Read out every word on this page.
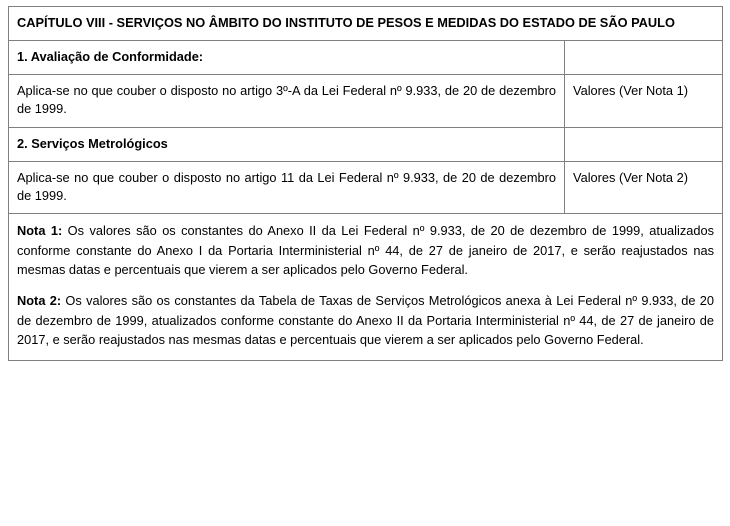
CAPÍTULO VIII - SERVIÇOS NO ÂMBITO DO INSTITUTO DE PESOS E MEDIDAS DO ESTADO DE SÃO PAULO	
1. Avaliação de Conformidade:	
Aplica-se no que couber o disposto no artigo 3º-A da Lei Federal nº 9.933, de 20 de dezembro de 1999.	Valores (Ver Nota 1)
2. Serviços Metrológicos	
Aplica-se no que couber o disposto no artigo 11 da Lei Federal nº 9.933, de 20 de dezembro de 1999.	Valores (Ver Nota 2)

Nota 1: Os valores são os constantes do Anexo II da Lei Federal nº 9.933, de 20 de dezembro de 1999, atualizados conforme constante do Anexo I da Portaria Interministerial nº 44, de 27 de janeiro de 2017, e serão reajustados nas mesmas datas e percentuais que vierem a ser aplicados pelo Governo Federal.

Nota 2: Os valores são os constantes da Tabela de Taxas de Serviços Metrológicos anexa à Lei Federal nº 9.933, de 20 de dezembro de 1999, atualizados conforme constante do Anexo II da Portaria Interministerial nº 44, de 27 de janeiro de 2017, e serão reajustados nas mesmas datas e percentuais que vierem a ser aplicados pelo Governo Federal.	
